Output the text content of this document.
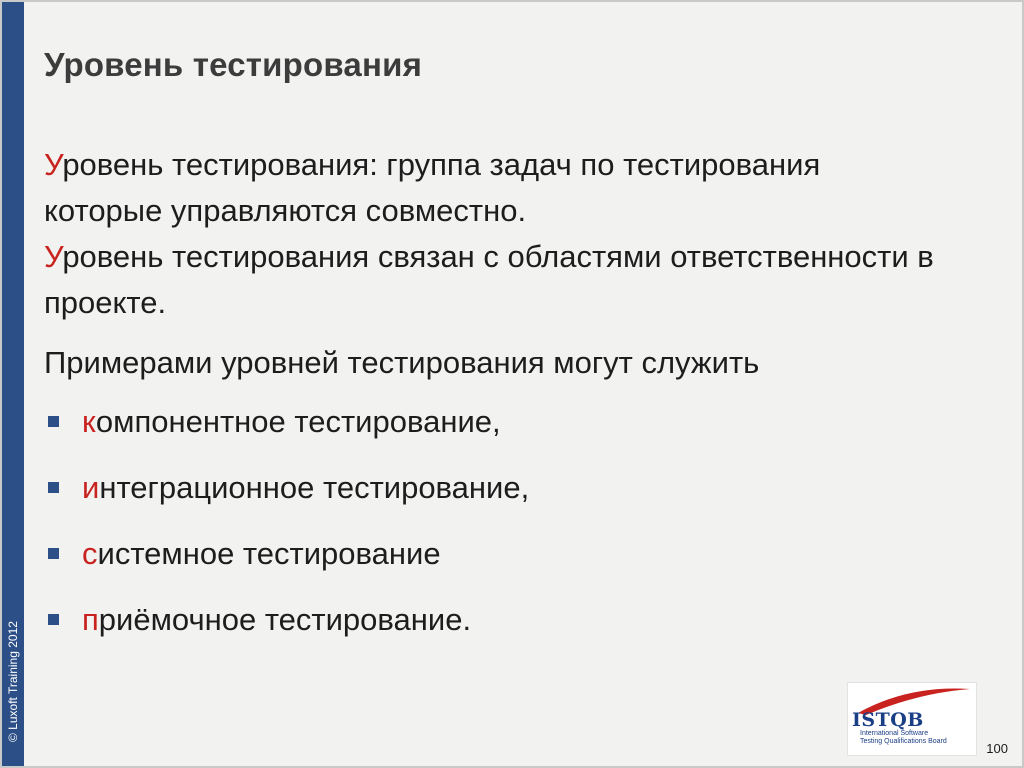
© Luxoft Training 2012
Уровень тестирования

Уровень тестирования: группа задач по тестирования которые управляются совместно.

Уровень тестирования связан с областями ответственности в проекте.

Примерами уровней тестирования могут служить

компонентное тестирование,
интеграционное тестирование,
системное тестирование
приёмочное тестирование.
ISTQB
International Software
Testing Qualifications Board	100
